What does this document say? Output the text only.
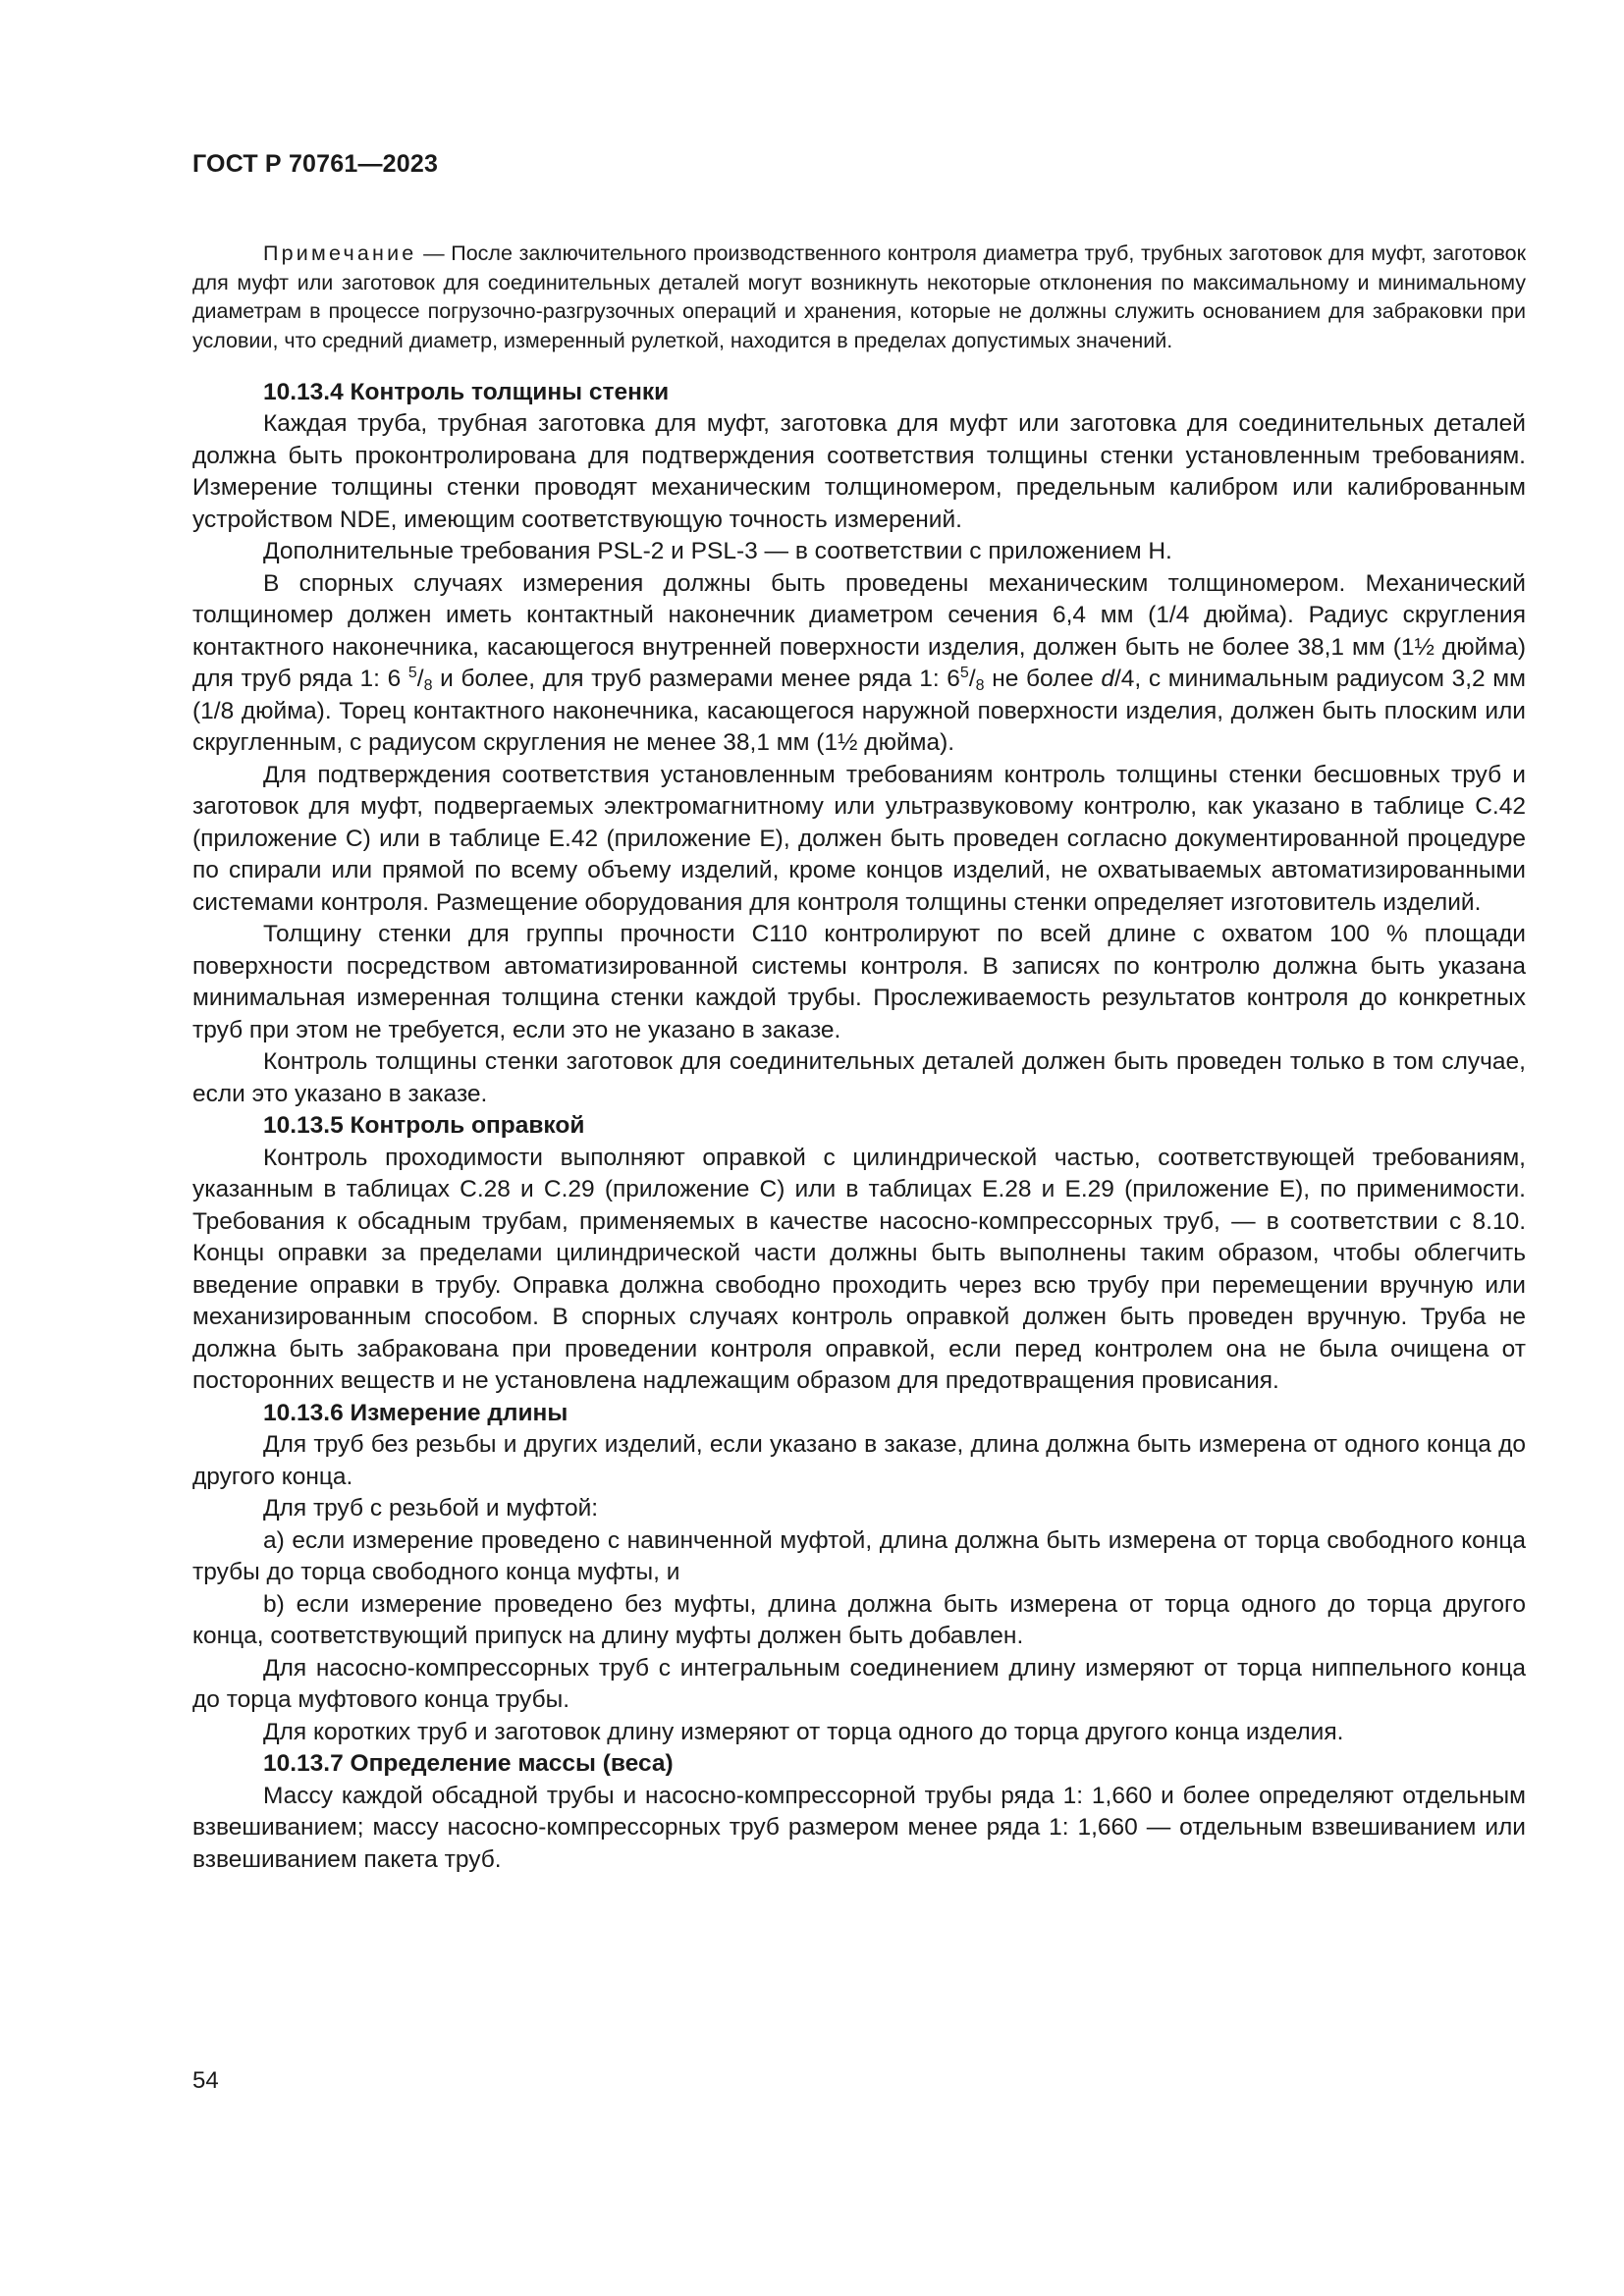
ГОСТ Р 70761—2023

Примечание — После заключительного производственного контроля диаметра труб, трубных заготовок для муфт, заготовок для муфт или заготовок для соединительных деталей могут возникнуть некоторые отклонения по максимальному и минимальному диаметрам в процессе погрузочно-разгрузочных операций и хранения, которые не должны служить основанием для забраковки при условии, что средний диаметр, измеренный рулеткой, находится в пределах допустимых значений.

10.13.4 Контроль толщины стенки

Каждая труба, трубная заготовка для муфт, заготовка для муфт или заготовка для соединительных деталей должна быть проконтролирована для подтверждения соответствия толщины стенки установленным требованиям. Измерение толщины стенки проводят механическим толщиномером, предельным калибром или калиброванным устройством NDE, имеющим соответствующую точность измерений.

Дополнительные требования PSL-2 и PSL-3 — в соответствии с приложением H.

В спорных случаях измерения должны быть проведены механическим толщиномером. Механический толщиномер должен иметь контактный наконечник диаметром сечения 6,4 мм (1/4 дюйма). Радиус скругления контактного наконечника, касающегося внутренней поверхности изделия, должен быть не более 38,1 мм (1½ дюйма) для труб ряда 1: 6 $^5/_8$ и более, для труб размерами менее ряда 1: $6^5/_8$ не более d/4, с минимальным радиусом 3,2 мм (1/8 дюйма). Торец контактного наконечника, касающегося наружной поверхности изделия, должен быть плоским или скругленным, с радиусом скругления не менее 38,1 мм (1½ дюйма).

Для подтверждения соответствия установленным требованиям контроль толщины стенки бесшовных труб и заготовок для муфт, подвергаемых электромагнитному или ультразвуковому контролю, как указано в таблице C.42 (приложение C) или в таблице E.42 (приложение E), должен быть проведен согласно документированной процедуре по спирали или прямой по всему объему изделий, кроме концов изделий, не охватываемых автоматизированными системами контроля. Размещение оборудования для контроля толщины стенки определяет изготовитель изделий.

Толщину стенки для группы прочности C110 контролируют по всей длине с охватом 100 % площади поверхности посредством автоматизированной системы контроля. В записях по контролю должна быть указана минимальная измеренная толщина стенки каждой трубы. Прослеживаемость результатов контроля до конкретных труб при этом не требуется, если это не указано в заказе.

Контроль толщины стенки заготовок для соединительных деталей должен быть проведен только в том случае, если это указано в заказе.

10.13.5 Контроль оправкой

Контроль проходимости выполняют оправкой с цилиндрической частью, соответствующей требованиям, указанным в таблицах C.28 и C.29 (приложение C) или в таблицах E.28 и E.29 (приложение E), по применимости. Требования к обсадным трубам, применяемых в качестве насосно-компрессорных труб, — в соответствии с 8.10. Концы оправки за пределами цилиндрической части должны быть выполнены таким образом, чтобы облегчить введение оправки в трубу. Оправка должна свободно проходить через всю трубу при перемещении вручную или механизированным способом. В спорных случаях контроль оправкой должен быть проведен вручную. Труба не должна быть забракована при проведении контроля оправкой, если перед контролем она не была очищена от посторонних веществ и не установлена надлежащим образом для предотвращения провисания.

10.13.6 Измерение длины

Для труб без резьбы и других изделий, если указано в заказе, длина должна быть измерена от одного конца до другого конца.

Для труб с резьбой и муфтой:

a) если измерение проведено с навинченной муфтой, длина должна быть измерена от торца свободного конца трубы до торца свободного конца муфты, и

b) если измерение проведено без муфты, длина должна быть измерена от торца одного до торца другого конца, соответствующий припуск на длину муфты должен быть добавлен.

Для насосно-компрессорных труб с интегральным соединением длину измеряют от торца ниппельного конца до торца муфтового конца трубы.

Для коротких труб и заготовок длину измеряют от торца одного до торца другого конца изделия.

10.13.7 Определение массы (веса)

Массу каждой обсадной трубы и насосно-компрессорной трубы ряда 1: 1,660 и более определяют отдельным взвешиванием; массу насосно-компрессорных труб размером менее ряда 1: 1,660 — отдельным взвешиванием или взвешиванием пакета труб.

54
